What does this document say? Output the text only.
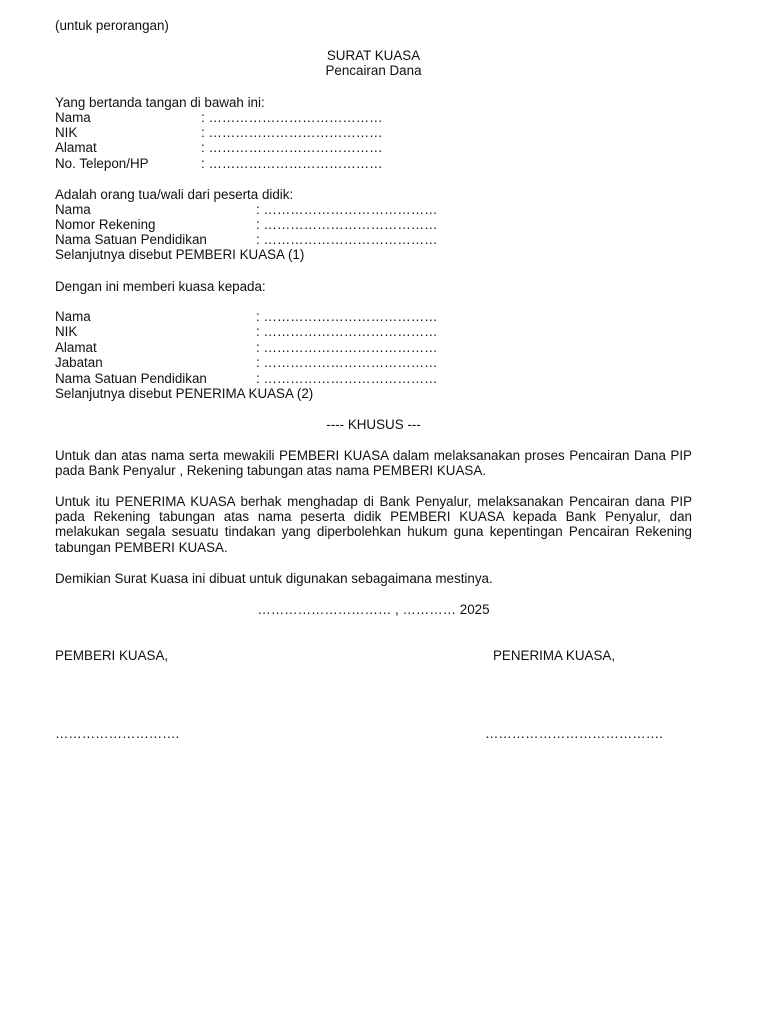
(untuk perorangan)
SURAT KUASA
Pencairan Dana
Yang bertanda tangan di bawah ini:
Nama	: …………………………………
NIK	: …………………………………
Alamat	: …………………………………
No. Telepon/HP	: …………………………………
Adalah orang tua/wali dari peserta didik:
Nama	: …………………………………
Nomor Rekening	: …………………………………
Nama Satuan Pendidikan	: …………………………………
Selanjutnya disebut PEMBERI KUASA (1)
Dengan ini memberi kuasa kepada:
Nama	: …………………………………
NIK	: …………………………………
Alamat	: …………………………………
Jabatan	: …………………………………
Nama Satuan Pendidikan	: …………………………………
Selanjutnya disebut PENERIMA KUASA (2)
---- KHUSUS ---
Untuk dan atas nama serta mewakili PEMBERI KUASA dalam melaksanakan proses Pencairan Dana PIP pada Bank Penyalur , Rekening tabungan atas nama PEMBERI KUASA.
Untuk itu PENERIMA KUASA berhak menghadap di Bank Penyalur, melaksanakan Pencairan dana PIP pada Rekening tabungan atas nama peserta didik PEMBERI KUASA kepada Bank Penyalur, dan melakukan segala sesuatu tindakan yang diperbolehkan hukum guna kepentingan Pencairan Rekening tabungan PEMBERI KUASA.
Demikian Surat Kuasa ini dibuat untuk digunakan sebagaimana mestinya.
………………………… , ………… 2025
PEMBERI KUASA,	PENERIMA KUASA,
……………………….	………………………………….
